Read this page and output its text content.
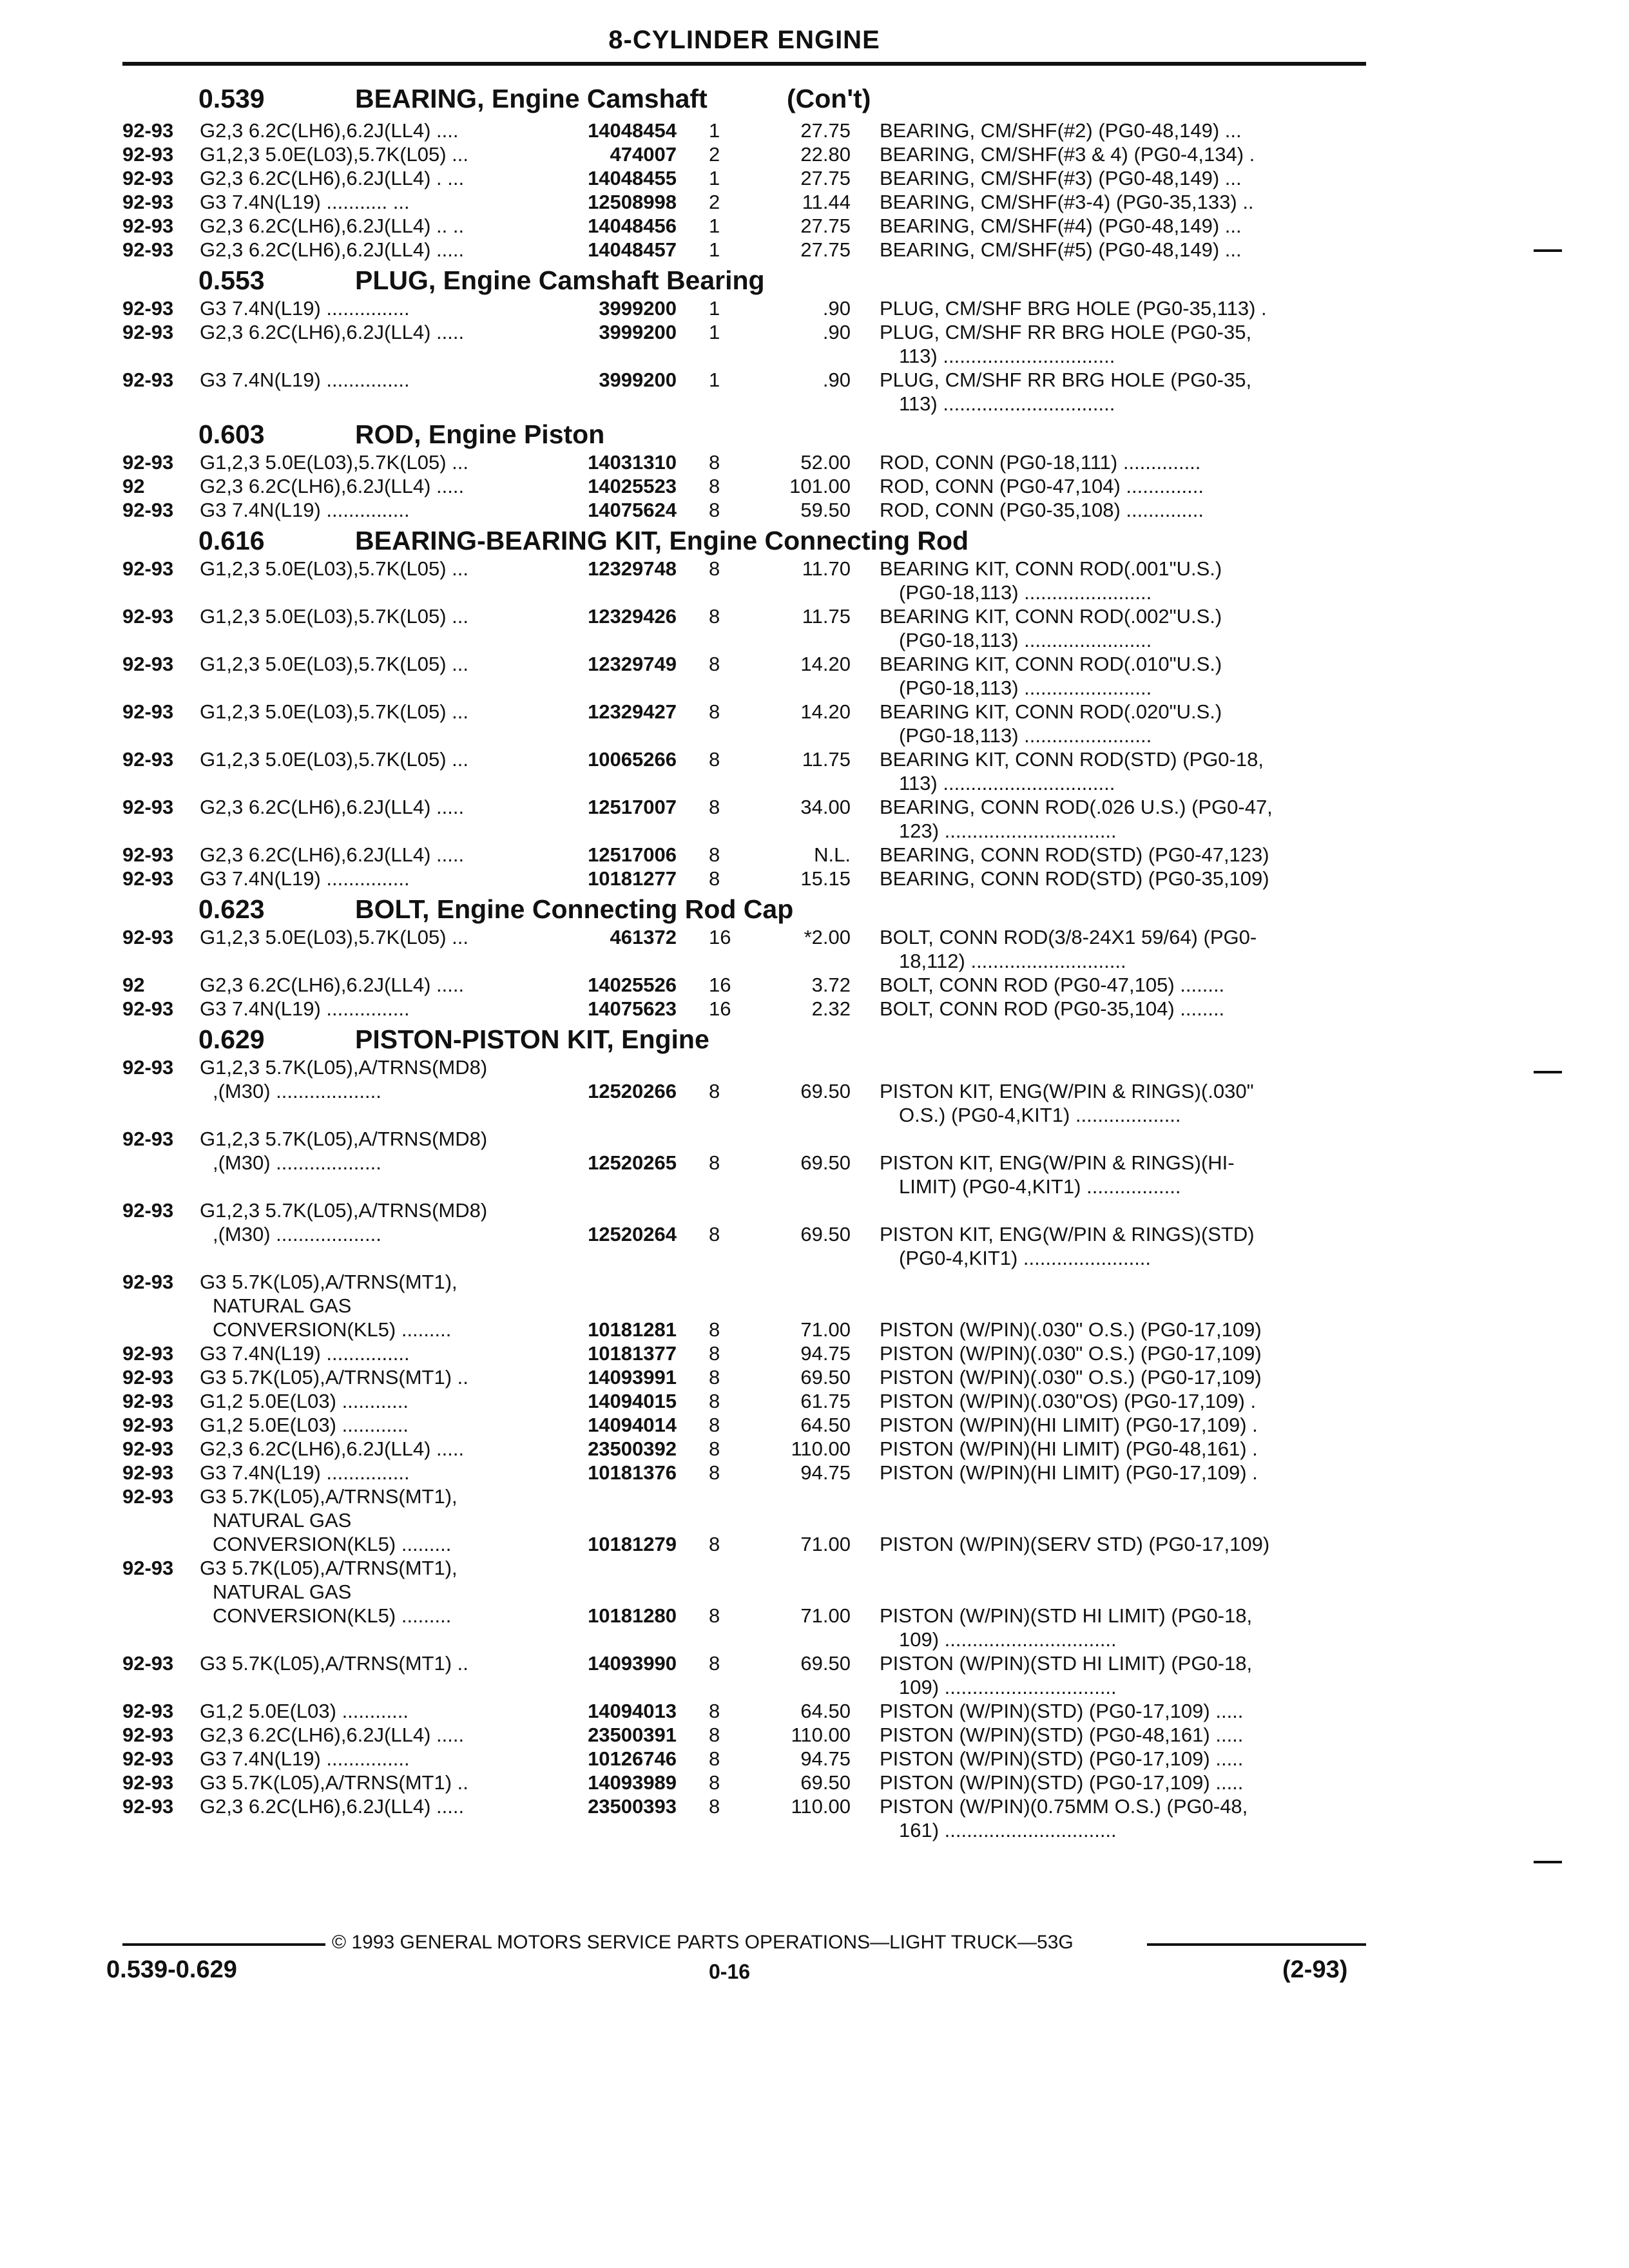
8-CYLINDER ENGINE
0.539	BEARING, Engine Camshaft	(Con't)
92-93 G2,3 6.2C(LH6),6.2J(LL4) ....	14048454 1	27.75 BEARING, CM/SHF(#2) (PG0-48,149) ...
92-93 G1,2,3 5.0E(L03),5.7K(L05) ...	474007 2	22.80 BEARING, CM/SHF(#3 & 4) (PG0-4,134) .
92-93 G2,3 6.2C(LH6),6.2J(LL4) . ...	14048455 1	27.75 BEARING, CM/SHF(#3) (PG0-48,149) ...
92-93 G3 7.4N(L19) ........... ...	12508998 2	11.44 BEARING, CM/SHF(#3-4) (PG0-35,133) ..
92-93 G2,3 6.2C(LH6),6.2J(LL4) .. ..	14048456 1	27.75 BEARING, CM/SHF(#4) (PG0-48,149) ...
92-93 G2,3 6.2C(LH6),6.2J(LL4) .....	14048457 1	27.75 BEARING, CM/SHF(#5) (PG0-48,149) ...
0.553	PLUG, Engine Camshaft Bearing
92-93 G3 7.4N(L19) ...............	3999200 1	.90 PLUG, CM/SHF BRG HOLE (PG0-35,113) .
92-93 G2,3 6.2C(LH6),6.2J(LL4) .....	3999200 1	.90 PLUG, CM/SHF RR BRG HOLE (PG0-35,
113) ...............................
92-93 G3 7.4N(L19) ...............	3999200 1	.90 PLUG, CM/SHF RR BRG HOLE (PG0-35,
113) ...............................
0.603	ROD, Engine Piston
92-93 G1,2,3 5.0E(L03),5.7K(L05) ...	14031310 8	52.00 ROD, CONN (PG0-18,111) ..............
92	G2,3 6.2C(LH6),6.2J(LL4) .....	14025523 8	101.00 ROD, CONN (PG0-47,104) ..............
92-93 G3 7.4N(L19) ...............	14075624 8	59.50 ROD, CONN (PG0-35,108) ..............
0.616	BEARING-BEARING KIT, Engine Connecting Rod
92-93 G1,2,3 5.0E(L03),5.7K(L05) ...	12329748 8	11.70 BEARING KIT, CONN ROD(.001"U.S.)
(PG0-18,113) .......................
92-93 G1,2,3 5.0E(L03),5.7K(L05) ...	12329426 8	11.75 BEARING KIT, CONN ROD(.002"U.S.)
(PG0-18,113) .......................
92-93 G1,2,3 5.0E(L03),5.7K(L05) ...	12329749 8	14.20 BEARING KIT, CONN ROD(.010"U.S.)
(PG0-18,113) .......................
92-93 G1,2,3 5.0E(L03),5.7K(L05) ...	12329427 8	14.20 BEARING KIT, CONN ROD(.020"U.S.)
(PG0-18,113) .......................
92-93 G1,2,3 5.0E(L03),5.7K(L05) ...	10065266 8	11.75 BEARING KIT, CONN ROD(STD) (PG0-18,
113) ...............................
92-93 G2,3 6.2C(LH6),6.2J(LL4) .....	12517007 8	34.00 BEARING, CONN ROD(.026 U.S.) (PG0-47,
123) ...............................
92-93 G2,3 6.2C(LH6),6.2J(LL4) .....	12517006 8	N.L. BEARING, CONN ROD(STD) (PG0-47,123)
92-93 G3 7.4N(L19) ...............	10181277 8	15.15 BEARING, CONN ROD(STD) (PG0-35,109)
0.623	BOLT, Engine Connecting Rod Cap
92-93 G1,2,3 5.0E(L03),5.7K(L05) ...	461372 16	*2.00 BOLT, CONN ROD(3/8-24X1 59/64) (PG0-
18,112) ............................
92	G2,3 6.2C(LH6),6.2J(LL4) .....	14025526 16	3.72 BOLT, CONN ROD (PG0-47,105) ........
92-93 G3 7.4N(L19) ...............	14075623 16	2.32 BOLT, CONN ROD (PG0-35,104) ........
0.629	PISTON-PISTON KIT, Engine
92-93 G1,2,3 5.7K(L05),A/TRNS(MD8)
,(M30) ...................	12520266 8	69.50 PISTON KIT, ENG(W/PIN & RINGS)(.030"
O.S.) (PG0-4,KIT1) ...................
92-93 G1,2,3 5.7K(L05),A/TRNS(MD8)
,(M30) ...................	12520265 8	69.50 PISTON KIT, ENG(W/PIN & RINGS)(HI-
LIMIT) (PG0-4,KIT1) .................
92-93 G1,2,3 5.7K(L05),A/TRNS(MD8)
,(M30) ...................	12520264 8	69.50 PISTON KIT, ENG(W/PIN & RINGS)(STD)
(PG0-4,KIT1) .......................
92-93 G3 5.7K(L05),A/TRNS(MT1),
NATURAL GAS
CONVERSION(KL5) .........	10181281 8	71.00 PISTON (W/PIN)(.030" O.S.) (PG0-17,109)
92-93 G3 7.4N(L19) ...............	10181377 8	94.75 PISTON (W/PIN)(.030" O.S.) (PG0-17,109)
92-93 G3 5.7K(L05),A/TRNS(MT1) ..	14093991 8	69.50 PISTON (W/PIN)(.030" O.S.) (PG0-17,109)
92-93 G1,2 5.0E(L03) ............	14094015 8	61.75 PISTON (W/PIN)(.030"OS) (PG0-17,109) .
92-93 G1,2 5.0E(L03) ............	14094014 8	64.50 PISTON (W/PIN)(HI LIMIT) (PG0-17,109) .
92-93 G2,3 6.2C(LH6),6.2J(LL4) .....	23500392 8	110.00 PISTON (W/PIN)(HI LIMIT) (PG0-48,161) .
92-93 G3 7.4N(L19) ...............	10181376 8	94.75 PISTON (W/PIN)(HI LIMIT) (PG0-17,109) .
92-93 G3 5.7K(L05),A/TRNS(MT1),
NATURAL GAS
CONVERSION(KL5) .........	10181279 8	71.00 PISTON (W/PIN)(SERV STD) (PG0-17,109)
92-93 G3 5.7K(L05),A/TRNS(MT1),
NATURAL GAS
CONVERSION(KL5) .........	10181280 8	71.00 PISTON (W/PIN)(STD HI LIMIT) (PG0-18,
109) ...............................
92-93 G3 5.7K(L05),A/TRNS(MT1) ..	14093990 8	69.50 PISTON (W/PIN)(STD HI LIMIT) (PG0-18,
109) ...............................
92-93 G1,2 5.0E(L03) ............	14094013 8	64.50 PISTON (W/PIN)(STD) (PG0-17,109) .....
92-93 G2,3 6.2C(LH6),6.2J(LL4) .....	23500391 8	110.00 PISTON (W/PIN)(STD) (PG0-48,161) .....
92-93 G3 7.4N(L19) ...............	10126746 8	94.75 PISTON (W/PIN)(STD) (PG0-17,109) .....
92-93 G3 5.7K(L05),A/TRNS(MT1) ..	14093989 8	69.50 PISTON (W/PIN)(STD) (PG0-17,109) .....
92-93 G2,3 6.2C(LH6),6.2J(LL4) .....	23500393 8	110.00 PISTON (W/PIN)(0.75MM O.S.) (PG0-48,
161) ...............................
© 1993 GENERAL MOTORS SERVICE PARTS OPERATIONS—LIGHT TRUCK—53G
0.539-0.629	0-16	(2-93)
